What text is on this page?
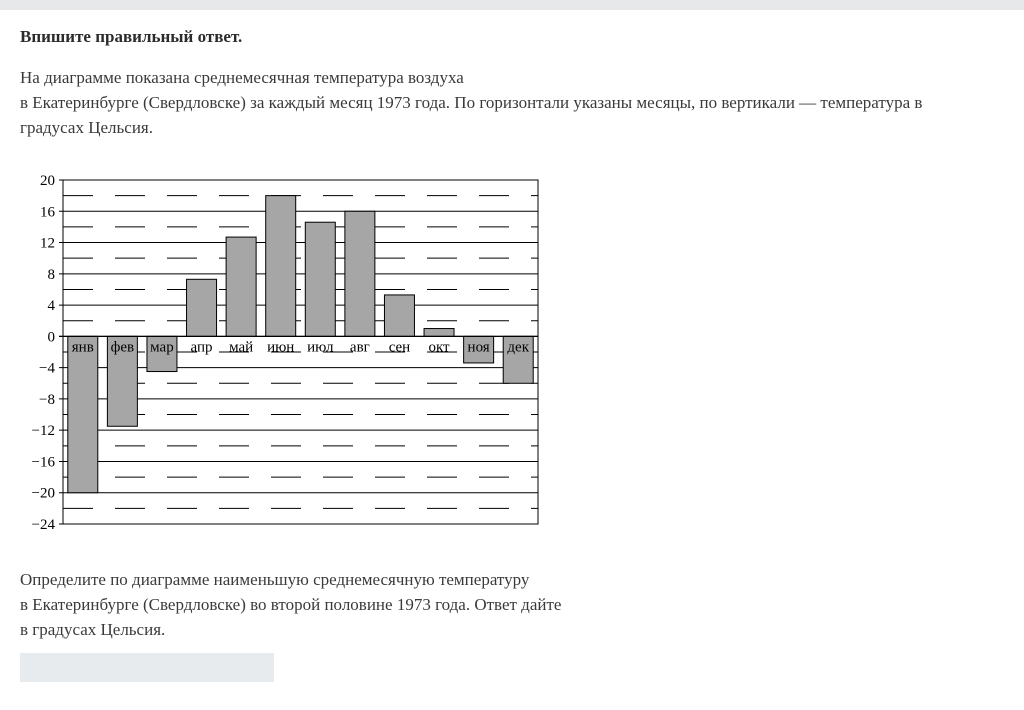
Впишите правильный ответ.

На диаграмме показана среднемесячная температура воздуха
в Екатеринбурге (Свердловске) за каждый месяц 1973 года. По горизонтали указаны месяцы, по вертикали — температура в
градусах Цельсия.

20
16
12
8
4
0
−4
−8
−12
−16
−20
−24
янв фев мар апр май июн июл авг сен окт ноя дек

Определите по диаграмме наименьшую среднемесячную температуру
в Екатеринбурге (Свердловске) во второй половине 1973 года. Ответ дайте
в градусах Цельсия.
